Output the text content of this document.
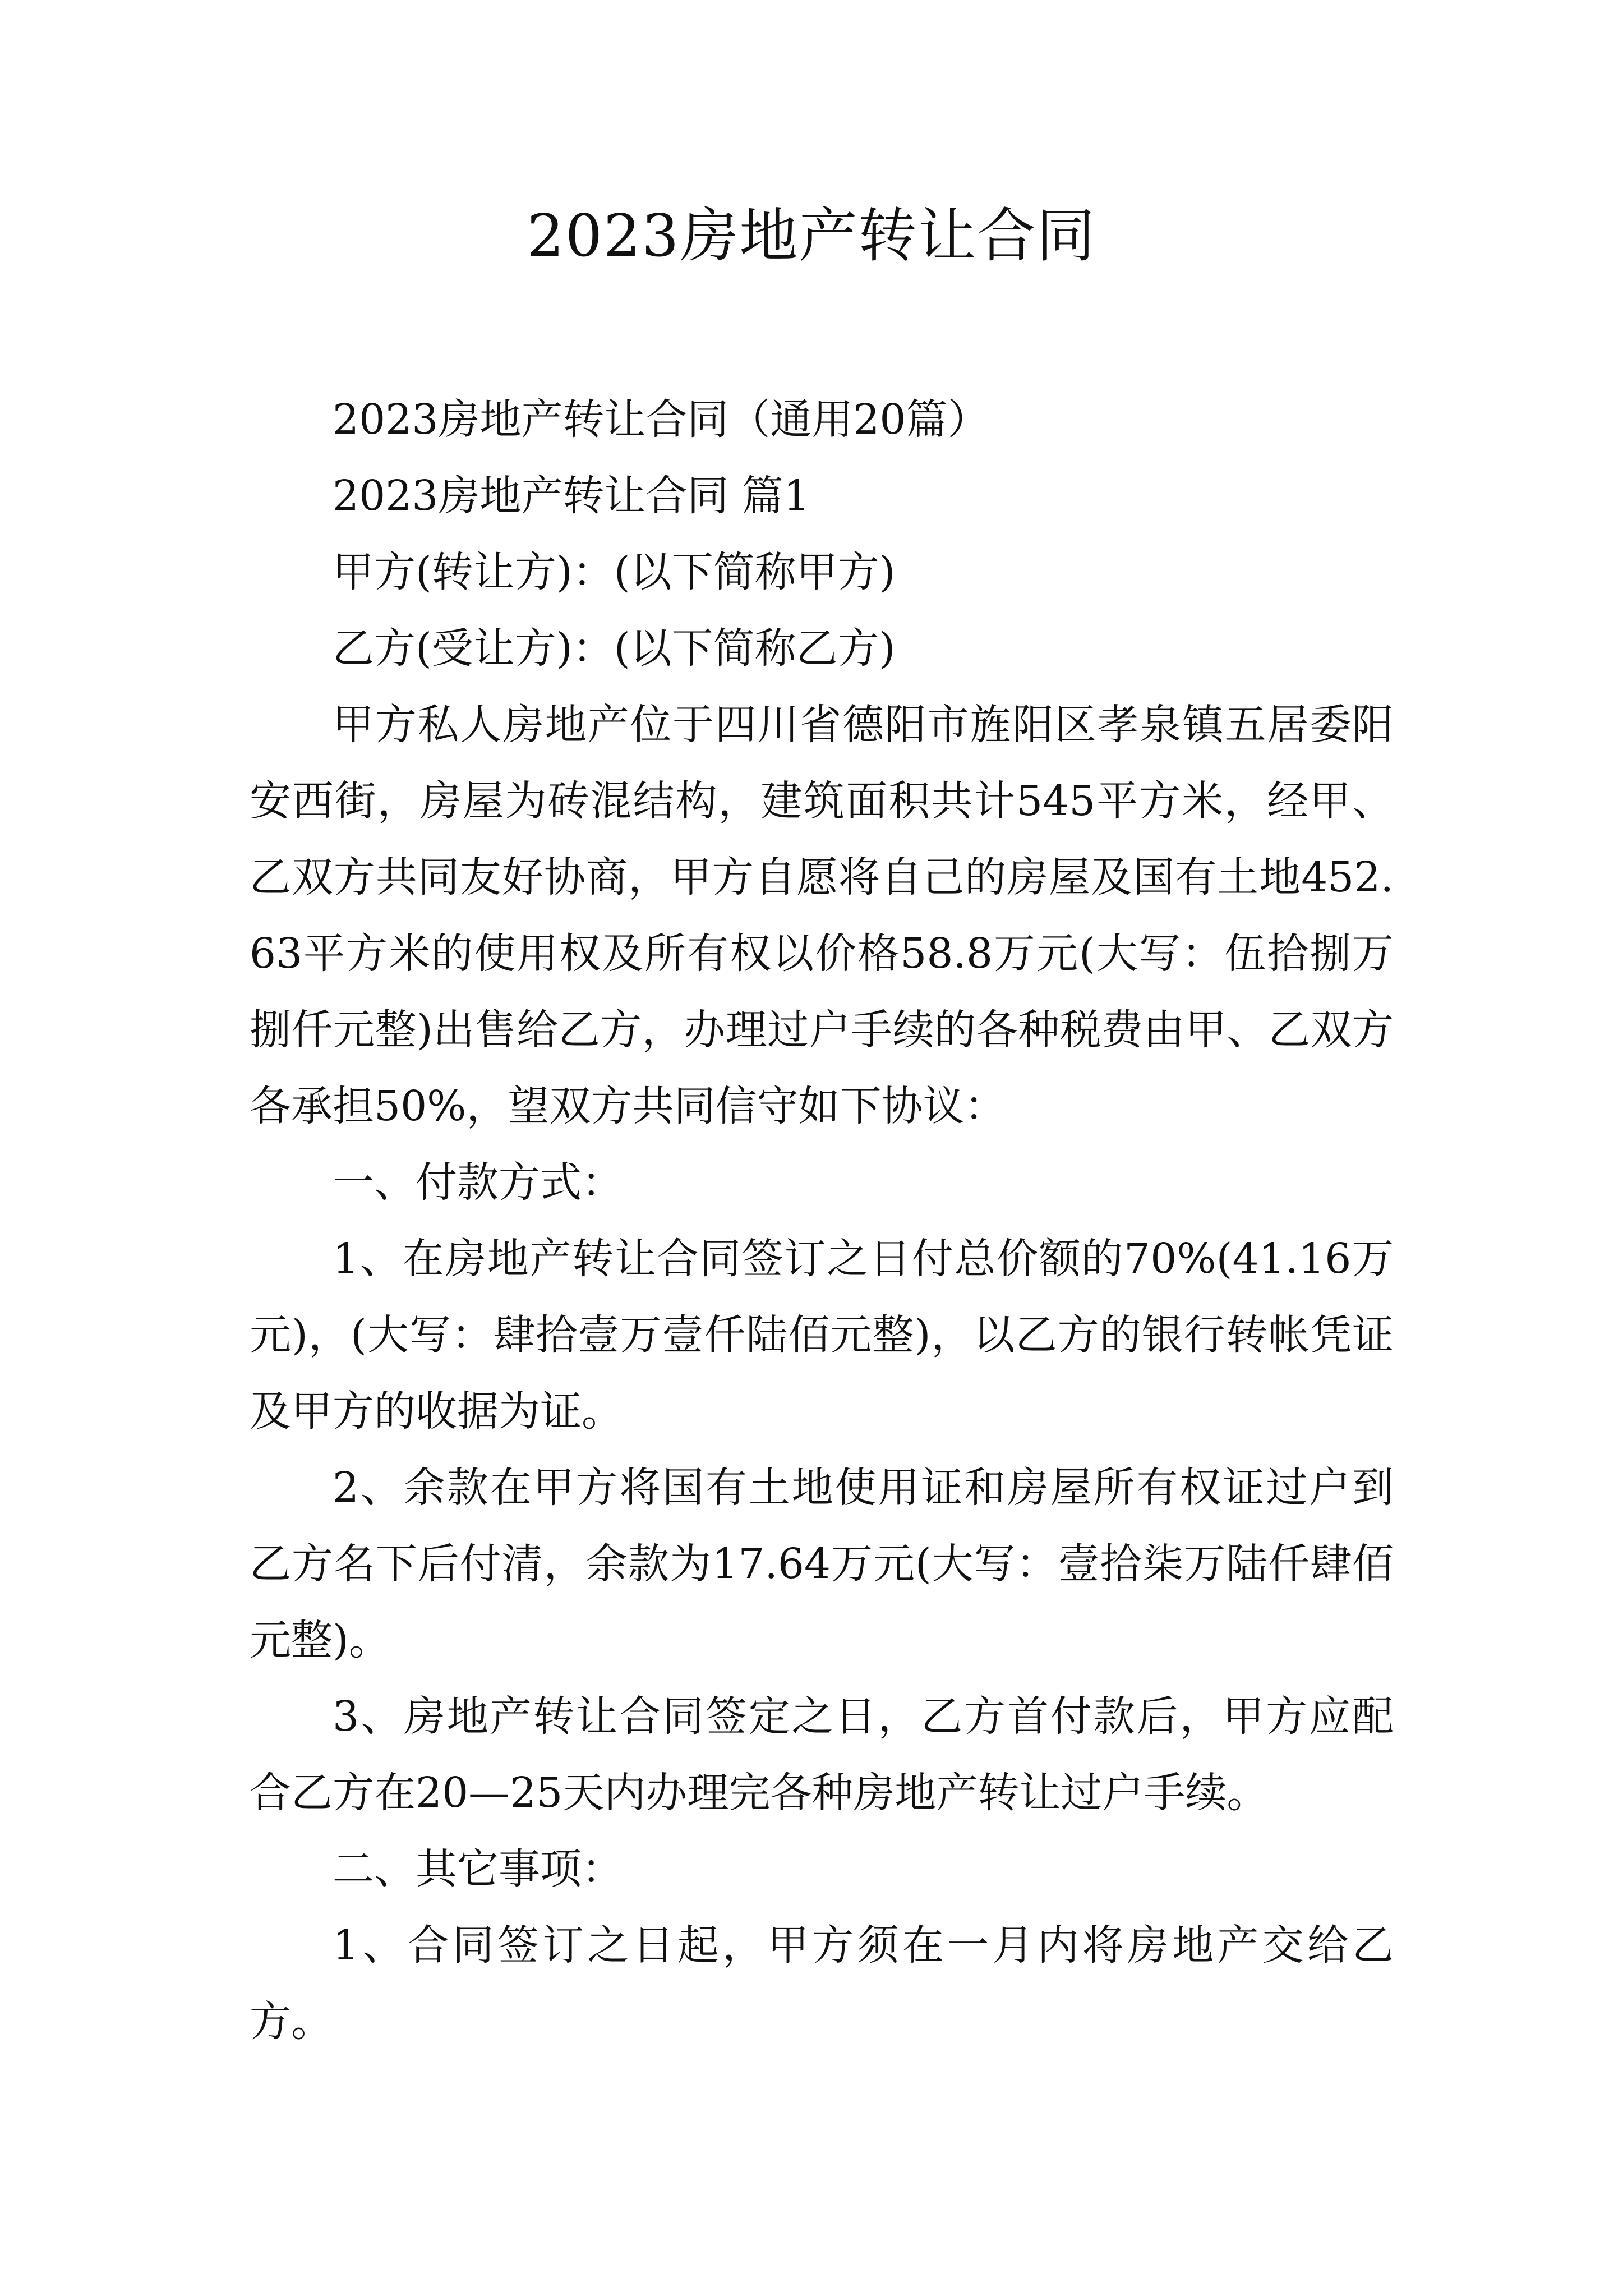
2023房地产转让合同

2023房地产转让合同（通用20篇）

2023房地产转让合同 篇1

甲方(转让方)：(以下简称甲方)

乙方(受让方)：(以下简称乙方)

甲方私人房地产位于四川省德阳市旌阳区孝泉镇五居委阳安西街，房屋为砖混结构，建筑面积共计545平方米，经甲、乙双方共同友好协商，甲方自愿将自己的房屋及国有土地452.63平方米的使用权及所有权以价格58.8万元(大写：伍拾捌万捌仟元整)出售给乙方，办理过户手续的各种税费由甲、乙双方各承担50%，望双方共同信守如下协议：

一、付款方式：

1、在房地产转让合同签订之日付总价额的70%(41.16万元)，(大写：肆拾壹万壹仟陆佰元整)，以乙方的银行转帐凭证及甲方的收据为证。

2、余款在甲方将国有土地使用证和房屋所有权证过户到乙方名下后付清，余款为17.64万元(大写：壹拾柒万陆仟肆佰元整)。

3、房地产转让合同签定之日，乙方首付款后，甲方应配合乙方在20—25天内办理完各种房地产转让过户手续。

二、其它事项：

1、合同签订之日起，甲方须在一月内将房地产交给乙方。
